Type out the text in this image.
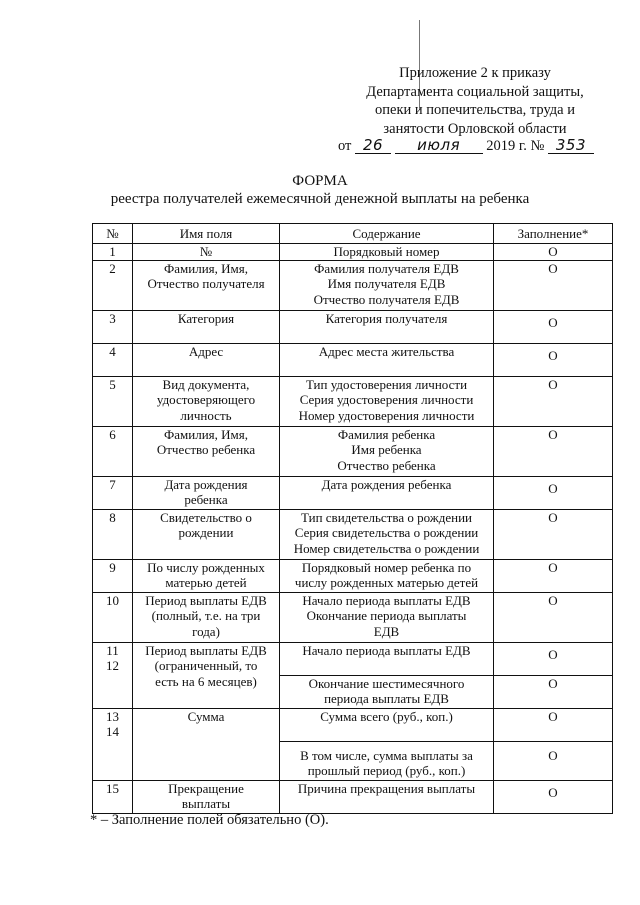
Приложение 2 к приказу
Департамента социальной защиты,
опеки и попечительства, труда и
занятости Орловской области
от 26 июля 2019 г. № 353
ФОРМА
реестра получателей ежемесячной денежной выплаты на ребенка
№	Имя поля	Содержание	Заполнение*
1	№	Порядковый номер	О
2	Фамилия, Имя,
Отчество получателя	Фамилия получателя ЕДВ
Имя получателя ЕДВ
Отчество получателя ЕДВ	О
3	Категория	Категория получателя	О
4	Адрес	Адрес места жительства	О
5	Вид документа,
удостоверяющего
личность	Тип удостоверения личности
Серия удостоверения личности
Номер удостоверения личности	О
6	Фамилия, Имя,
Отчество ребенка	Фамилия ребенка
Имя ребенка
Отчество ребенка	О
7	Дата рождения
ребенка	Дата рождения ребенка	О
8	Свидетельство о
рождении	Тип свидетельства о рождении
Серия свидетельства о рождении
Номер свидетельства о рождении	О
9	По числу рожденных
матерью детей	Порядковый номер ребенка по
числу рожденных матерью детей	О
10	Период выплаты ЕДВ
(полный, т.е. на три
года)	Начало периода выплаты ЕДВ
Окончание периода выплаты
ЕДВ	О
11
12	Период выплаты ЕДВ
(ограниченный, то
есть на 6 месяцев)	Начало периода выплаты ЕДВ	О
		Окончание шестимесячного
периода выплаты ЕДВ	О
13
14	Сумма	Сумма всего (руб., коп.)	О
		В том числе, сумма выплаты за
прошлый период (руб., коп.)	О
15	Прекращение
выплаты	Причина прекращения выплаты	О
* – Заполнение полей обязательно (О).
